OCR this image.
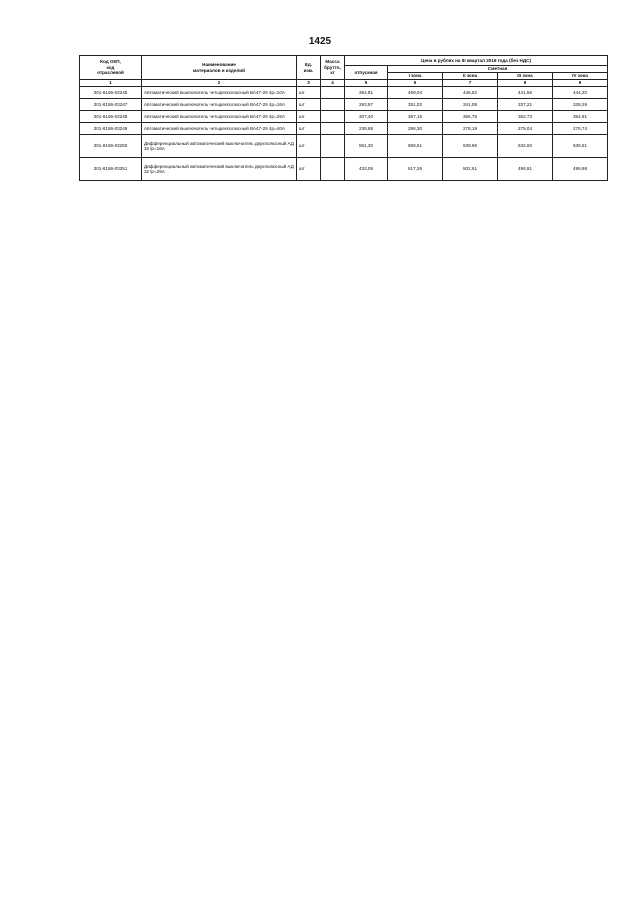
1425
Код ОКП,
код
отраслевой	Наименование
материалов и изделий	Ед.
изм.	Масса
брутто,
кг	Цена в рублях на III квартал 2016 года (без НДС)				
				отпускная	Сметная			
					I зона	II зона	III зона	IV зона
1	2	3	4	5	6	7	8	9
301-8156-03246	Автоматический выключатель четырехполюсный ВА47-29 4р=10А	шт		354,81	459,04	446,62	441,56	444,20
301-8156-03247	Автоматический выключатель четырехполюсный ВА47-29 4р=16А	шт		293,97	351,02	341,08	337,21	339,29
301-8156-03248	Автоматический выключатель четырехполюсный ВА47-29 4р=25А	шт		307,40	367,15	356,76	352,73	354,91
301-8156-03249	Автоматический выключатель четырехполюсный ВА47-29 4р=40А	шт		239,68	286,30	278,19	275,04	276,74
301-8156-03250	Дифференциальный автоматический выключатель двухполюсный АД 32 lр=16А	шт		551,30	659,51	639,96	632,60	636,51
301-8156-03251	Дифференциальный автоматический выключатель двухполюсный АД 32 lр=25А	шт		433,05	517,26	502,61	496,91	499,98
